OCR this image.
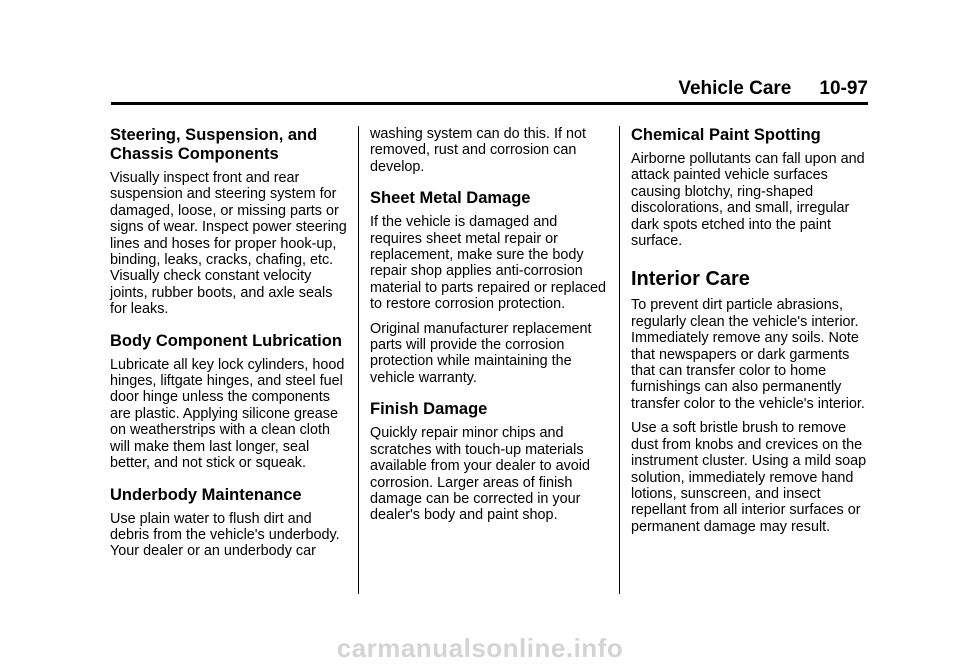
Vehicle Care 10-97
Steering, Suspension, and Chassis Components

Visually inspect front and rear suspension and steering system for damaged, loose, or missing parts or signs of wear. Inspect power steering lines and hoses for proper hook-up, binding, leaks, cracks, chafing, etc. Visually check constant velocity joints, rubber boots, and axle seals for leaks.

Body Component Lubrication

Lubricate all key lock cylinders, hood hinges, liftgate hinges, and steel fuel door hinge unless the components are plastic. Applying silicone grease on weatherstrips with a clean cloth will make them last longer, seal better, and not stick or squeak.

Underbody Maintenance

Use plain water to flush dirt and debris from the vehicle's underbody. Your dealer or an underbody car

washing system can do this. If not removed, rust and corrosion can develop.

Sheet Metal Damage

If the vehicle is damaged and requires sheet metal repair or replacement, make sure the body repair shop applies anti-corrosion material to parts repaired or replaced to restore corrosion protection.

Original manufacturer replacement parts will provide the corrosion protection while maintaining the vehicle warranty.

Finish Damage

Quickly repair minor chips and scratches with touch-up materials available from your dealer to avoid corrosion. Larger areas of finish damage can be corrected in your dealer's body and paint shop.

Chemical Paint Spotting

Airborne pollutants can fall upon and attack painted vehicle surfaces causing blotchy, ring-shaped discolorations, and small, irregular dark spots etched into the paint surface.

Interior Care

To prevent dirt particle abrasions, regularly clean the vehicle's interior. Immediately remove any soils. Note that newspapers or dark garments that can transfer color to home furnishings can also permanently transfer color to the vehicle's interior.

Use a soft bristle brush to remove dust from knobs and crevices on the instrument cluster. Using a mild soap solution, immediately remove hand lotions, sunscreen, and insect repellant from all interior surfaces or permanent damage may result.

carmanualsonline.info
